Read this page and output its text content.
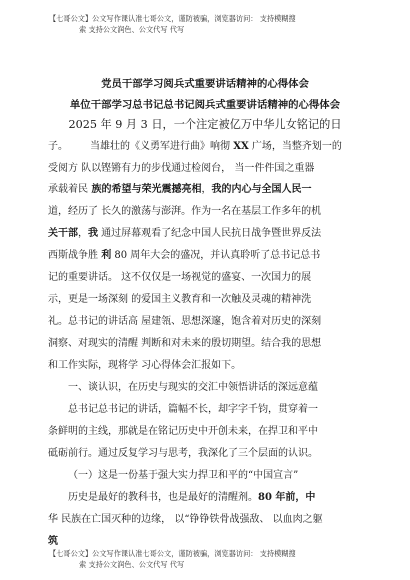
【七哥公文】公文写作课认准七哥公文，谨防被骗，浏览器访问： 支持模糊搜
索 支持公文润色、公文代写 代写
党员干部学习阅兵式重要讲话精神的心得体会
单位干部学习总书记总书记阅兵式重要讲话精神的心得体会
2025 年 9 月 3 日，一个注定被亿万中华儿女铭记的日
子。 当雄壮的《义勇军进行曲》响彻 XX 广场，当整齐划一的
受阅方 队以铿锵有力的步伐通过检阅台， 当一件件国之重器
承载着民 族的希望与荣光震撼亮相，我的内心与全国人民一
道，经历了 长久的激荡与澎湃。作为一名在基层工作多年的机
关干部，我 通过屏幕观看了纪念中国人民抗日战争暨世界反法
西斯战争胜 利 80 周年大会的盛况，并认真聆听了总书记总书
记的重要讲话。 这不仅仅是一场视觉的盛宴、一次国力的展
示，更是一场深刻 的爱国主义教育和一次触及灵魂的精神洗
礼。总书记的讲话高 屋建瓴、思想深邃，饱含着对历史的深刻
洞察、对现实的清醒 判断和对未来的殷切期望。结合我的思想
和工作实际，现将学 习心得体会汇报如下。
一、谈认识，在历史与现实的交汇中领悟讲话的深远意蕴
总书记总书记的讲话，篇幅不长，却字字千钧，贯穿着一
条鲜明的主线，那就是在铭记历史中开创未来，在捍卫和平中
砥砺前行。通过反复学习与思考，我深化了三个层面的认识。
（一）这是一份基于强大实力捍卫和平的“中国宣言”
历史是最好的教科书，也是最好的清醒剂。80 年前，中
华 民族在亡国灭种的边缘， 以“铮铮铁骨战强敌、 以血肉之躯
筑
【七哥公文】公文写作课认准七哥公文，谨防被骗，浏览器访问： 支持模糊搜
索 支持公文润色、公文代写 代写
